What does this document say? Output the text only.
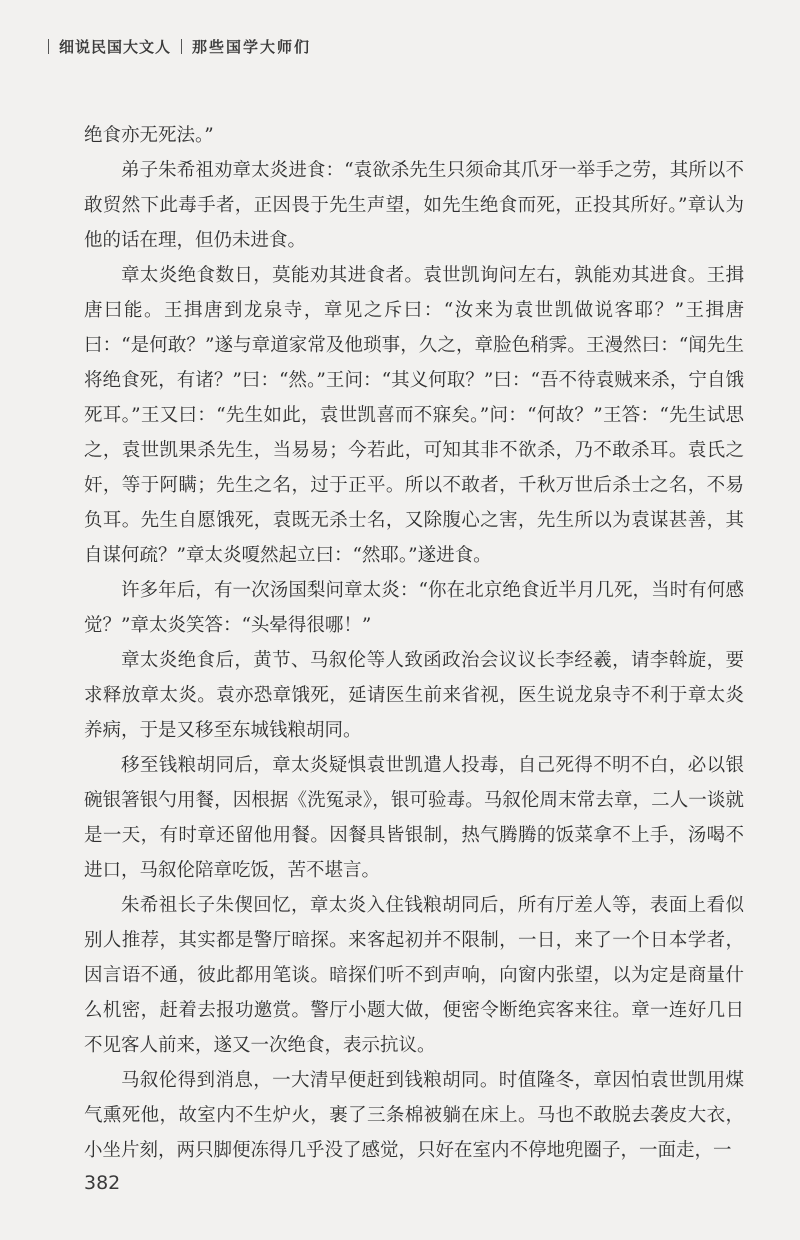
细说民国大文人 那些国学大师们

绝食亦无死法。”

弟子朱希祖劝章太炎进食：“袁欲杀先生只须命其爪牙一举手之劳，其所以不敢贸然下此毒手者，正因畏于先生声望，如先生绝食而死，正投其所好。”章认为他的话在理，但仍未进食。

章太炎绝食数日，莫能劝其进食者。袁世凯询问左右，孰能劝其进食。王揖唐曰能。王揖唐到龙泉寺，章见之斥曰：“汝来为袁世凯做说客耶？”王揖唐曰：“是何敢？”遂与章道家常及他琐事，久之，章脸色稍霁。王漫然曰：“闻先生将绝食死，有诸？”曰：“然。”王问：“其义何取？”曰：“吾不待袁贼来杀，宁自饿死耳。”王又曰：“先生如此，袁世凯喜而不寐矣。”问：“何故？”王答：“先生试思之，袁世凯果杀先生，当易易；今若此，可知其非不欲杀，乃不敢杀耳。袁氏之奸，等于阿瞒；先生之名，过于正平。所以不敢者，千秋万世后杀士之名，不易负耳。先生自愿饿死，袁既无杀士名，又除腹心之害，先生所以为袁谋甚善，其自谋何疏？”章太炎嗄然起立曰：“然耶。”遂进食。

许多年后，有一次汤国梨问章太炎：“你在北京绝食近半月几死，当时有何感觉？”章太炎笑答：“头晕得很哪！”

章太炎绝食后，黄节、马叙伦等人致函政治会议议长李经羲，请李斡旋，要求释放章太炎。袁亦恐章饿死，延请医生前来省视，医生说龙泉寺不利于章太炎养病，于是又移至东城钱粮胡同。

移至钱粮胡同后，章太炎疑惧袁世凯遣人投毒，自己死得不明不白，必以银碗银箸银勺用餐，因根据《洗冤录》，银可验毒。马叙伦周末常去章，二人一谈就是一天，有时章还留他用餐。因餐具皆银制，热气腾腾的饭菜拿不上手，汤喝不进口，马叙伦陪章吃饭，苦不堪言。

朱希祖长子朱偰回忆，章太炎入住钱粮胡同后，所有厅差人等，表面上看似别人推荐，其实都是警厅暗探。来客起初并不限制，一日，来了一个日本学者，因言语不通，彼此都用笔谈。暗探们听不到声响，向窗内张望，以为定是商量什么机密，赶着去报功邀赏。警厅小题大做，便密令断绝宾客来往。章一连好几日不见客人前来，遂又一次绝食，表示抗议。

马叙伦得到消息，一大清早便赶到钱粮胡同。时值隆冬，章因怕袁世凯用煤气熏死他，故室内不生炉火，裹了三条棉被躺在床上。马也不敢脱去袭皮大衣，小坐片刻，两只脚便冻得几乎没了感觉，只好在室内不停地兜圈子，一面走，一

382
